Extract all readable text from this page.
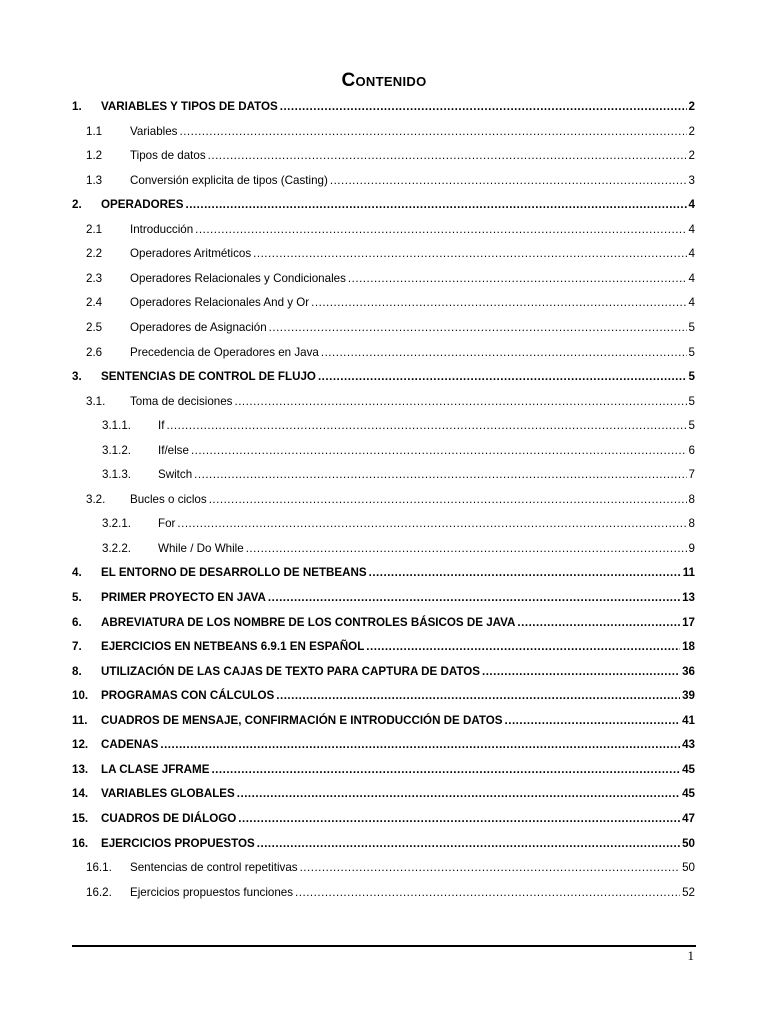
Contenido
1.	VARIABLES Y TIPOS DE DATOS .....	2
1.1	Variables .....	2
1.2	Tipos de datos .....	2
1.3	Conversión explicita de tipos (Casting) .....	3
2.	OPERADORES .....	4
2.1	Introducción .....	4
2.2	Operadores Aritméticos .....	4
2.3	Operadores Relacionales y Condicionales .....	4
2.4	Operadores Relacionales And y Or .....	4
2.5	Operadores de Asignación .....	5
2.6	Precedencia de Operadores en Java .....	5
3.	SENTENCIAS DE CONTROL DE FLUJO .....	5
3.1.	Toma de decisiones .....	5
3.1.1.	If .....	5
3.1.2.	If/else .....	6
3.1.3.	Switch .....	7
3.2.	Bucles o ciclos .....	8
3.2.1.	For .....	8
3.2.2.	While / Do While .....	9
4.	EL ENTORNO DE DESARROLLO DE NETBEANS .....	11
5.	PRIMER PROYECTO EN JAVA .....	13
6.	ABREVIATURA DE LOS NOMBRE DE LOS CONTROLES BÁSICOS DE JAVA .....	17
7.	EJERCICIOS EN NETBEANS 6.9.1 EN ESPAÑOL .....	18
8.	UTILIZACIÓN DE LAS CAJAS DE TEXTO PARA CAPTURA DE DATOS .....	36
10.	PROGRAMAS CON CÁLCULOS .....	39
11.	CUADROS DE MENSAJE, CONFIRMACIÓN E INTRODUCCIÓN DE DATOS .....	41
12.	CADENAS .....	43
13.	LA CLASE JFRAME .....	45
14.	VARIABLES GLOBALES .....	45
15.	CUADROS DE DIÁLOGO .....	47
16.	EJERCICIOS PROPUESTOS .....	50
16.1.	Sentencias de control repetitivas .....	50
16.2.	Ejercicios propuestos funciones .....	52
1
